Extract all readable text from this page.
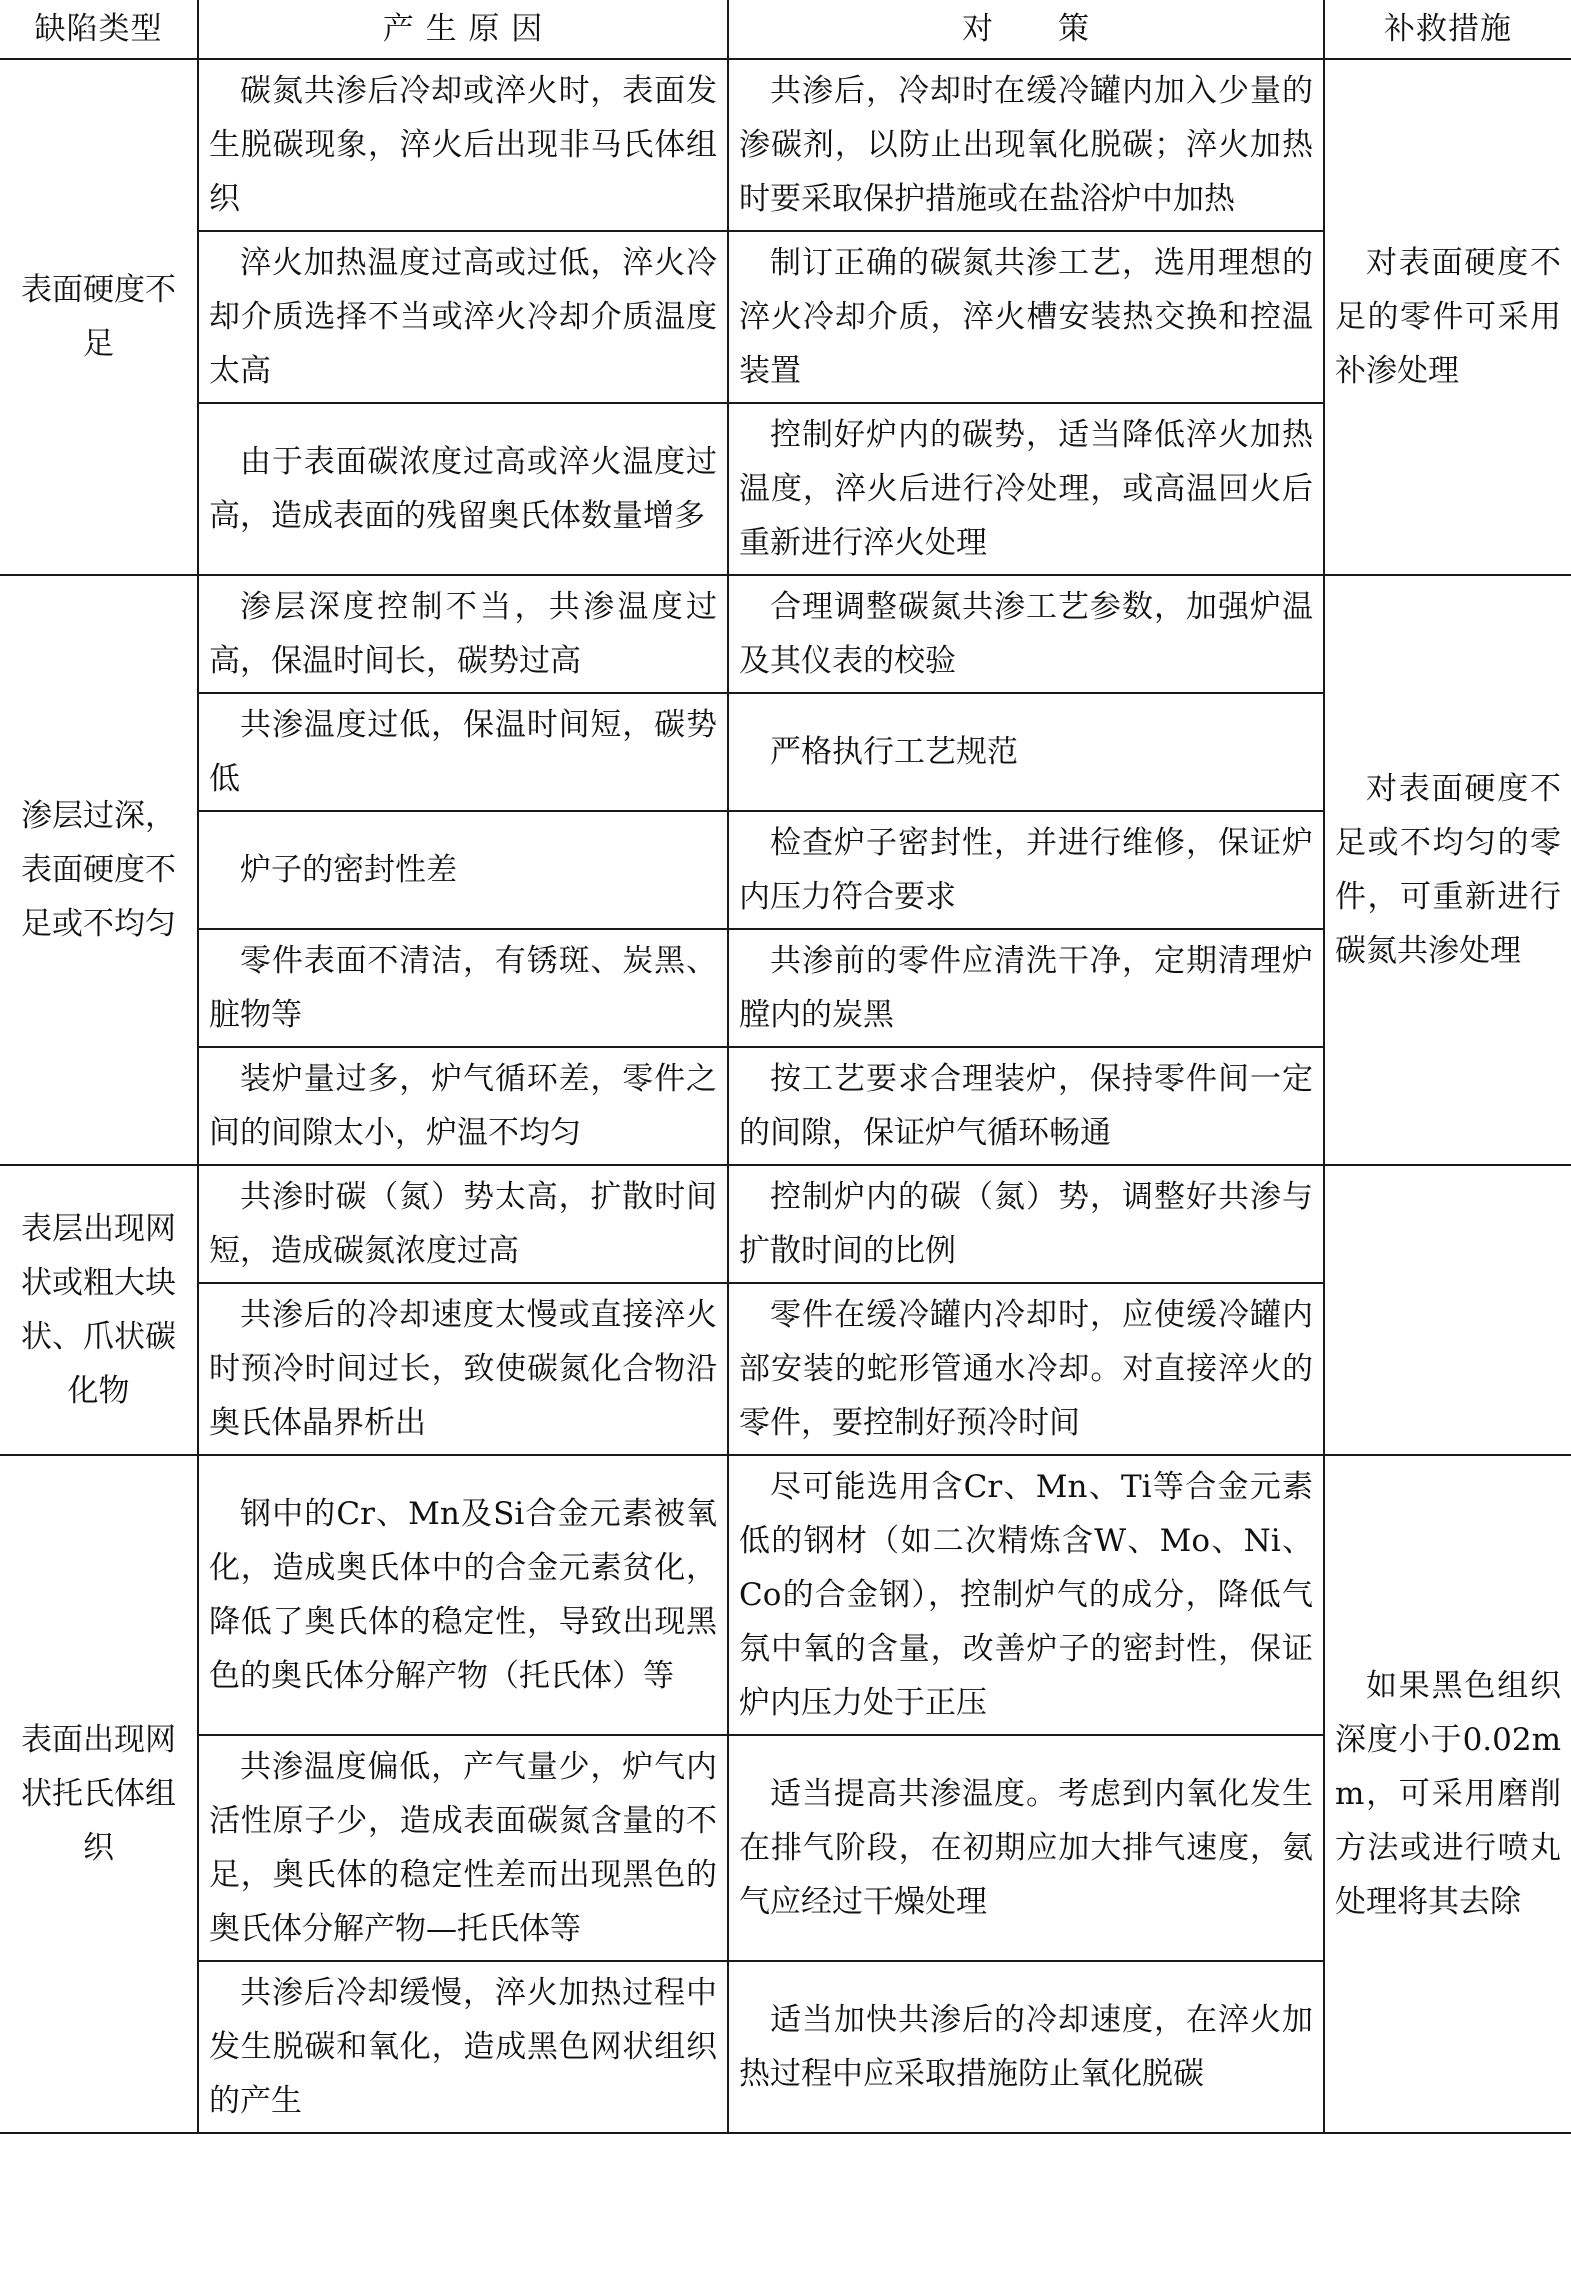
缺陷类型	产 生 原 因	对　　策	补救措施
表面硬度不足	碳氮共渗后冷却或淬火时，表面发生脱碳现象，淬火后出现非马氏体组织	共渗后，冷却时在缓冷罐内加入少量的渗碳剂，以防止出现氧化脱碳；淬火加热时要采取保护措施或在盐浴炉中加热	对表面硬度不足的零件可采用补渗处理
	淬火加热温度过高或过低，淬火冷却介质选择不当或淬火冷却介质温度太高	制订正确的碳氮共渗工艺，选用理想的淬火冷却介质，淬火槽安装热交换和控温装置	
	由于表面碳浓度过高或淬火温度过高，造成表面的残留奥氏体数量增多	控制好炉内的碳势，适当降低淬火加热温度，淬火后进行冷处理，或高温回火后重新进行淬火处理	
渗层过深，表面硬度不足或不均匀	渗层深度控制不当，共渗温度过高，保温时间长，碳势过高	合理调整碳氮共渗工艺参数，加强炉温及其仪表的校验	对表面硬度不足或不均匀的零件，可重新进行碳氮共渗处理
	共渗温度过低，保温时间短，碳势低	严格执行工艺规范	
	炉子的密封性差	检查炉子密封性，并进行维修，保证炉内压力符合要求	
	零件表面不清洁，有锈斑、炭黑、脏物等	共渗前的零件应清洗干净，定期清理炉膛内的炭黑	
	装炉量过多，炉气循环差，零件之间的间隙太小，炉温不均匀	按工艺要求合理装炉，保持零件间一定的间隙，保证炉气循环畅通	
表层出现网状或粗大块状、爪状碳化物	共渗时碳（氮）势太高，扩散时间短，造成碳氮浓度过高	控制炉内的碳（氮）势，调整好共渗与扩散时间的比例	
	共渗后的冷却速度太慢或直接淬火时预冷时间过长，致使碳氮化合物沿奥氏体晶界析出	零件在缓冷罐内冷却时，应使缓冷罐内部安装的蛇形管通水冷却。对直接淬火的零件，要控制好预冷时间	
表面出现网状托氏体组织	钢中的Cr、Mn及Si合金元素被氧化，造成奥氏体中的合金元素贫化，降低了奥氏体的稳定性，导致出现黑色的奥氏体分解产物（托氏体）等	尽可能选用含Cr、Mn、Ti等合金元素低的钢材（如二次精炼含W、Mo、Ni、Co的合金钢），控制炉气的成分，降低气氛中氧的含量，改善炉子的密封性，保证炉内压力处于正压	如果黑色组织深度小于0.02mm，可采用磨削方法或进行喷丸处理将其去除
	共渗温度偏低，产气量少，炉气内活性原子少，造成表面碳氮含量的不足，奥氏体的稳定性差而出现黑色的奥氏体分解产物—托氏体等	适当提高共渗温度。考虑到内氧化发生在排气阶段，在初期应加大排气速度，氨气应经过干燥处理	
	共渗后冷却缓慢，淬火加热过程中发生脱碳和氧化，造成黑色网状组织的产生	适当加快共渗后的冷却速度，在淬火加热过程中应采取措施防止氧化脱碳	
